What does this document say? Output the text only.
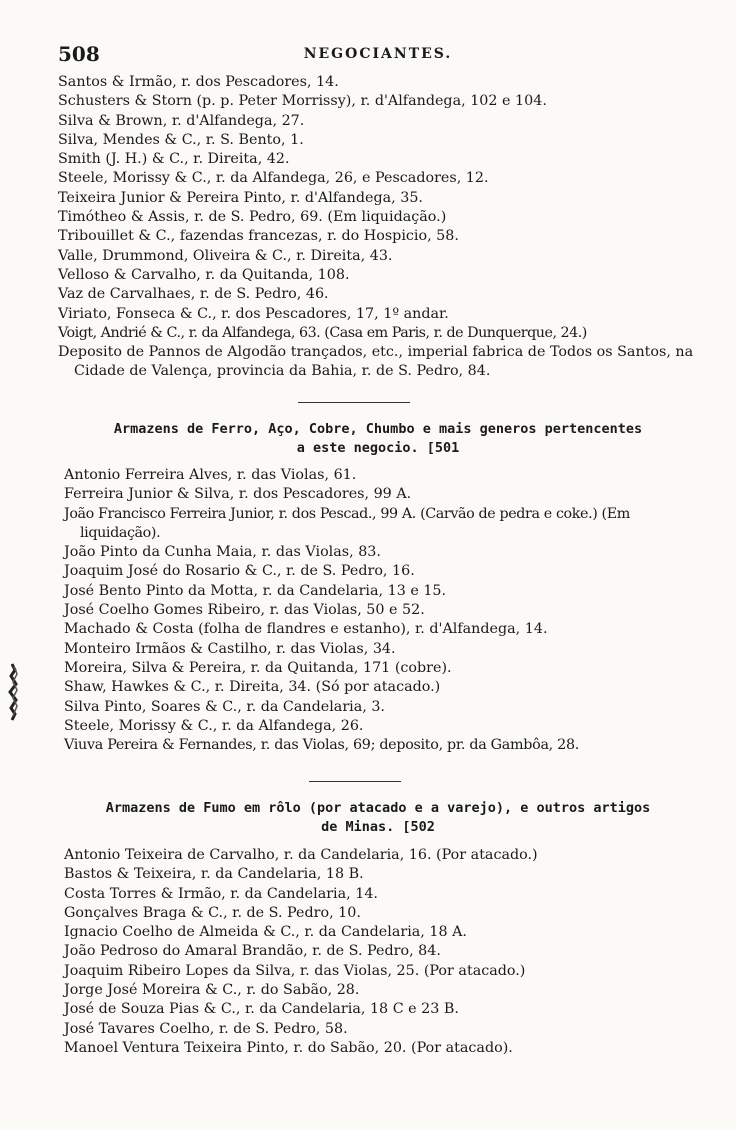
508	NEGOCIANTES.
Santos & Irmão, r. dos Pescadores, 14.
Schusters & Storn (p. p. Peter Morrissy), r. d'Alfandega, 102 e 104.
Silva & Brown, r. d'Alfandega, 27.
Silva, Mendes & C., r. S. Bento, 1.
Smith (J. H.) & C., r. Direita, 42.
Steele, Morissy & C., r. da Alfandega, 26, e Pescadores, 12.
Teixeira Junior & Pereira Pinto, r. d'Alfandega, 35.
Timótheo & Assis, r. de S. Pedro, 69. (Em liquidação.)
Tribouillet & C., fazendas francezas, r. do Hospicio, 58.
Valle, Drummond, Oliveira & C., r. Direita, 43.
Velloso & Carvalho, r. da Quitanda, 108.
Vaz de Carvalhaes, r. de S. Pedro, 46.
Viriato, Fonseca & C., r. dos Pescadores, 17, 1º andar.
Voigt, Andrié & C., r. da Alfandega, 63. (Casa em Paris, r. de Dunquerque, 24.)
Deposito de Pannos de Algodão trançados, etc., imperial fabrica de Todos os Santos, na Cidade de Valença, provincia da Bahia, r. de S. Pedro, 84.
Armazens de Ferro, Aço, Cobre, Chumbo e mais generos pertencentes
a este negocio. [501
Antonio Ferreira Alves, r. das Violas, 61.
Ferreira Junior & Silva, r. dos Pescadores, 99 A.
João Francisco Ferreira Junior, r. dos Pescad., 99 A. (Carvão de pedra e coke.) (Em liquidação).
João Pinto da Cunha Maia, r. das Violas, 83.
Joaquim José do Rosario & C., r. de S. Pedro, 16.
José Bento Pinto da Motta, r. da Candelaria, 13 e 15.
José Coelho Gomes Ribeiro, r. das Violas, 50 e 52.
Machado & Costa (folha de flandres e estanho), r. d'Alfandega, 14.
Monteiro Irmãos & Castilho, r. das Violas, 34.
Moreira, Silva & Pereira, r. da Quitanda, 171 (cobre).
Shaw, Hawkes & C., r. Direita, 34. (Só por atacado.)
Silva Pinto, Soares & C., r. da Candelaria, 3.
Steele, Morissy & C., r. da Alfandega, 26.
Viuva Pereira & Fernandes, r. das Violas, 69; deposito, pr. da Gambôa, 28.
Armazens de Fumo em rôlo (por atacado e a varejo), e outros artigos
de Minas. [502
Antonio Teixeira de Carvalho, r. da Candelaria, 16. (Por atacado.)
Bastos & Teixeira, r. da Candelaria, 18 B.
Costa Torres & Irmão, r. da Candelaria, 14.
Gonçalves Braga & C., r. de S. Pedro, 10.
Ignacio Coelho de Almeida & C., r. da Candelaria, 18 A.
João Pedroso do Amaral Brandão, r. de S. Pedro, 84.
Joaquim Ribeiro Lopes da Silva, r. das Violas, 25. (Por atacado.)
Jorge José Moreira & C., r. do Sabão, 28.
José de Souza Pias & C., r. da Candelaria, 18 C e 23 B.
José Tavares Coelho, r. de S. Pedro, 58.
Manoel Ventura Teixeira Pinto, r. do Sabão, 20. (Por atacado).
